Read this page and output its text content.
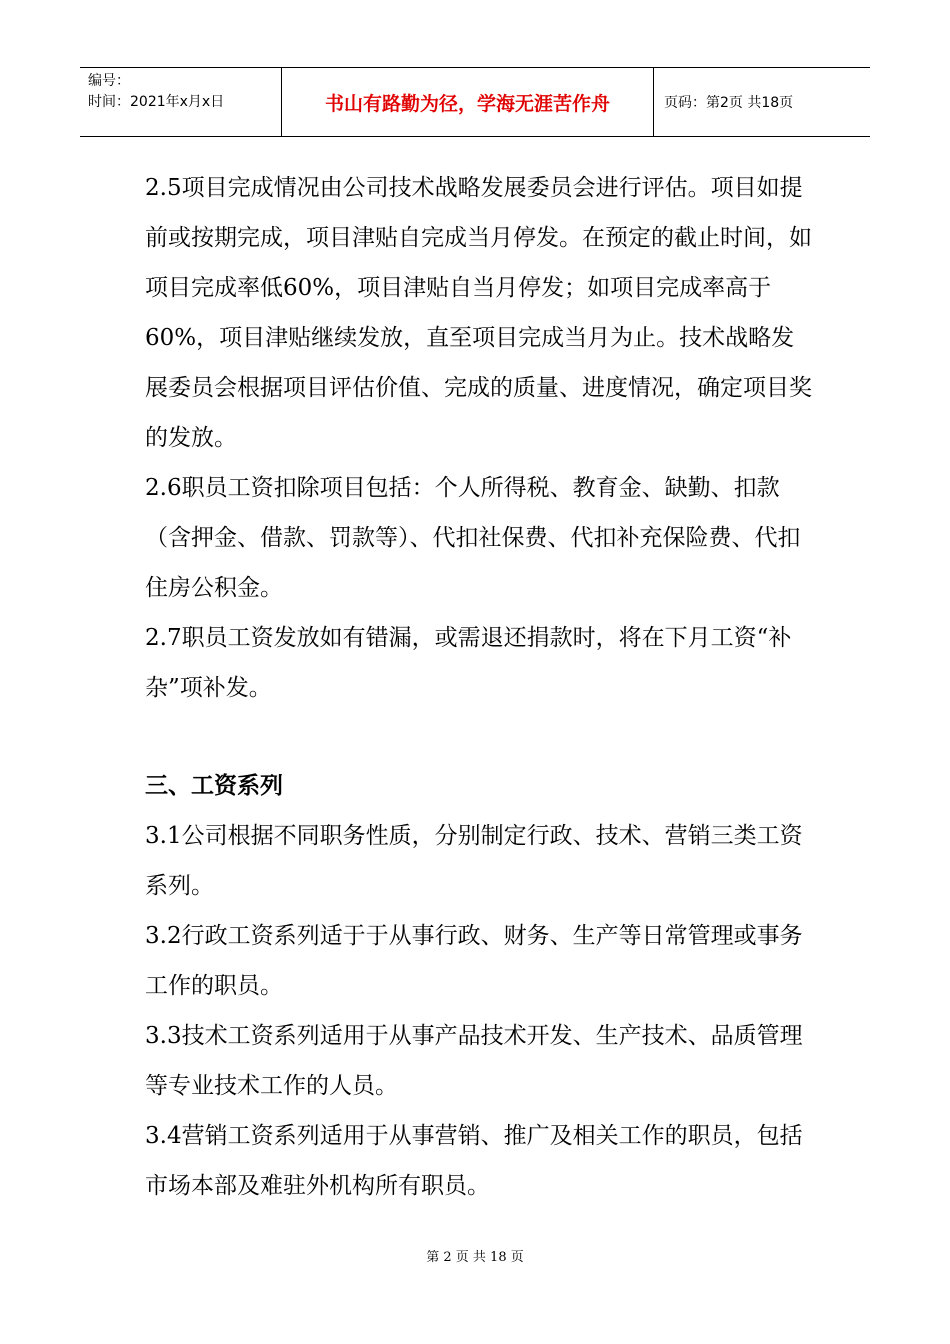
编号：
时间：2021年x月x日	书山有路勤为径，学海无涯苦作舟	页码：第2页 共18页

2.5项目完成情况由公司技术战略发展委员会进行评估。项目如提前或按期完成，项目津贴自完成当月停发。在预定的截止时间，如项目完成率低60%，项目津贴自当月停发；如项目完成率高于60%，项目津贴继续发放，直至项目完成当月为止。技术战略发展委员会根据项目评估价值、完成的质量、进度情况，确定项目奖的发放。

2.6职员工资扣除项目包括：个人所得税、教育金、缺勤、扣款（含押金、借款、罚款等）、代扣社保费、代扣补充保险费、代扣住房公积金。

2.7职员工资发放如有错漏，或需退还捐款时，将在下月工资“补杂”项补发。

三、工资系列

3.1公司根据不同职务性质，分别制定行政、技术、营销三类工资系列。

3.2行政工资系列适于于从事行政、财务、生产等日常管理或事务工作的职员。

3.3技术工资系列适用于从事产品技术开发、生产技术、品质管理等专业技术工作的人员。

3.4营销工资系列适用于从事营销、推广及相关工作的职员，包括市场本部及难驻外机构所有职员。

第 2 页 共 18 页
